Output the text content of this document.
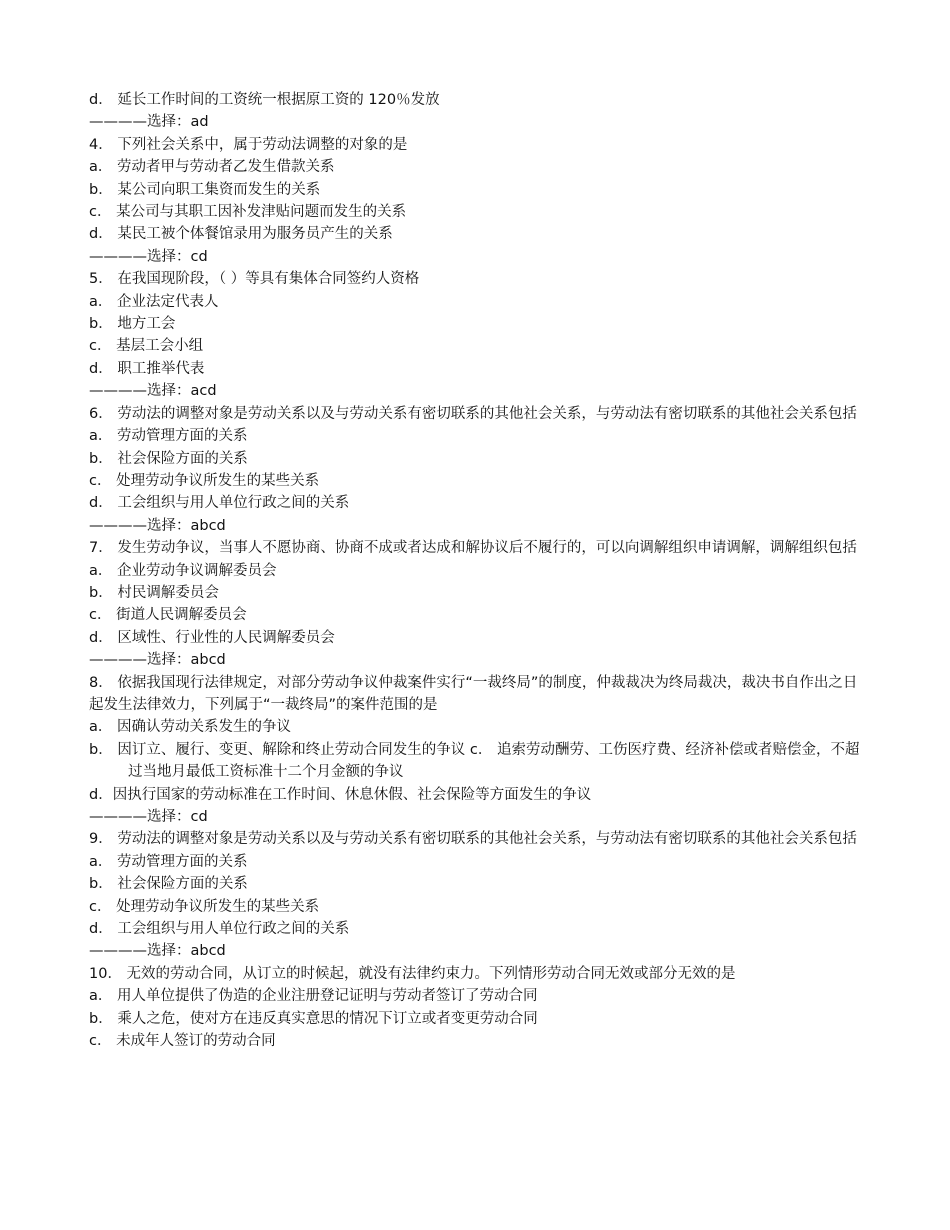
d． 延长工作时间的工资统一根据原工资的 120％发放
————选择：ad
4． 下列社会关系中，属于劳动法调整的对象的是
a． 劳动者甲与劳动者乙发生借款关系
b． 某公司向职工集资而发生的关系
c． 某公司与其职工因补发津贴问题而发生的关系
d． 某民工被个体餐馆录用为服务员产生的关系
————选择：cd
5． 在我国现阶段，（ ）等具有集体合同签约人资格
a． 企业法定代表人
b． 地方工会
c． 基层工会小组
d． 职工推举代表
————选择：acd
6． 劳动法的调整对象是劳动关系以及与劳动关系有密切联系的其他社会关系，与劳动法有密切联系的其他社会关系包括
a． 劳动管理方面的关系
b． 社会保险方面的关系
c． 处理劳动争议所发生的某些关系
d． 工会组织与用人单位行政之间的关系
————选择：abcd
7． 发生劳动争议，当事人不愿协商、协商不成或者达成和解协议后不履行的，可以向调解组织申请调解，调解组织包括
a． 企业劳动争议调解委员会
b． 村民调解委员会
c． 街道人民调解委员会
d． 区域性、行业性的人民调解委员会
————选择：abcd
8． 依据我国现行法律规定，对部分劳动争议仲裁案件实行“一裁终局”的制度，仲裁裁决为终局裁决，裁决书自作出之日起发生法律效力，下列属于“一裁终局”的案件范围的是
a． 因确认劳动关系发生的争议
b． 因订立、履行、变更、解除和终止劳动合同发生的争议 c． 追索劳动酬劳、工伤医疗费、经济补偿或者赔偿金，不超过当地月最低工资标准十二个月金额的争议
d．因执行国家的劳动标准在工作时间、休息休假、社会保险等方面发生的争议
————选择：cd
9． 劳动法的调整对象是劳动关系以及与劳动关系有密切联系的其他社会关系，与劳动法有密切联系的其他社会关系包括
a． 劳动管理方面的关系
b． 社会保险方面的关系
c． 处理劳动争议所发生的某些关系
d． 工会组织与用人单位行政之间的关系
————选择：abcd
10． 无效的劳动合同，从订立的时候起，就没有法律约束力。下列情形劳动合同无效或部分无效的是
a． 用人单位提供了伪造的企业注册登记证明与劳动者签订了劳动合同
b． 乘人之危，使对方在违反真实意思的情况下订立或者变更劳动合同
c． 未成年人签订的劳动合同
